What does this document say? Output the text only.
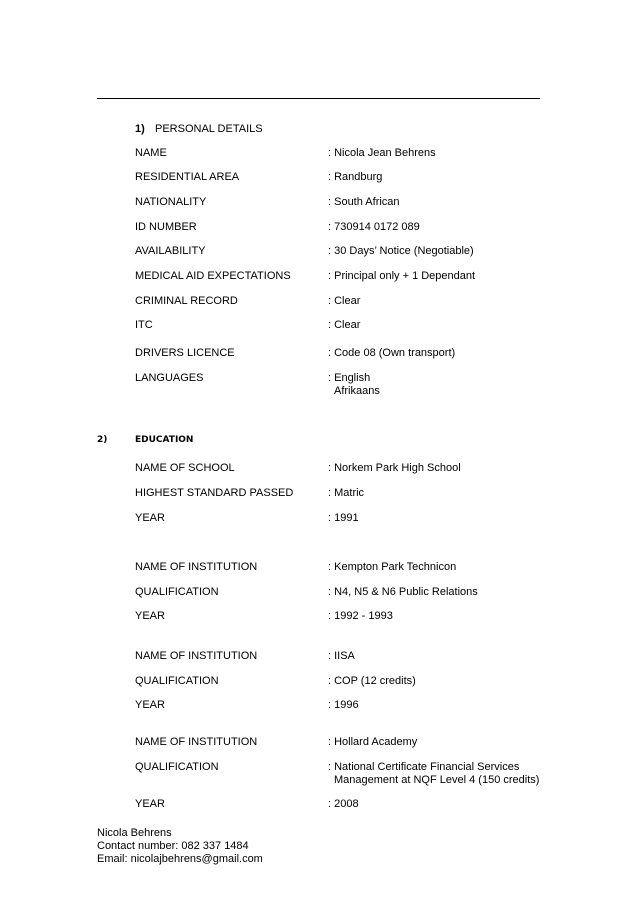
1) PERSONAL DETAILS
NAME	: Nicola Jean Behrens
RESIDENTIAL AREA	: Randburg
NATIONALITY	: South African
ID NUMBER	: 730914 0172 089
AVAILABILITY	: 30 Days’ Notice (Negotiable)
MEDICAL AID EXPECTATIONS	: Principal only + 1 Dependant
CRIMINAL RECORD	: Clear
ITC	: Clear
DRIVERS LICENCE	: Code 08 (Own transport)
LANGUAGES	: English
Afrikaans
2)	EDUCATION
NAME OF SCHOOL	: Norkem Park High School
HIGHEST STANDARD PASSED	: Matric
YEAR	: 1991
NAME OF INSTITUTION	: Kempton Park Technicon
QUALIFICATION	: N4, N5 & N6 Public Relations
YEAR	: 1992 - 1993
NAME OF INSTITUTION	: IISA
QUALIFICATION	: COP (12 credits)
YEAR	: 1996
NAME OF INSTITUTION	: Hollard Academy
QUALIFICATION	: National Certificate Financial Services
Management at NQF Level 4 (150 credits)
YEAR	: 2008
Nicola Behrens
Contact number: 082 337 1484
Email: nicolajbehrens@gmail.com
